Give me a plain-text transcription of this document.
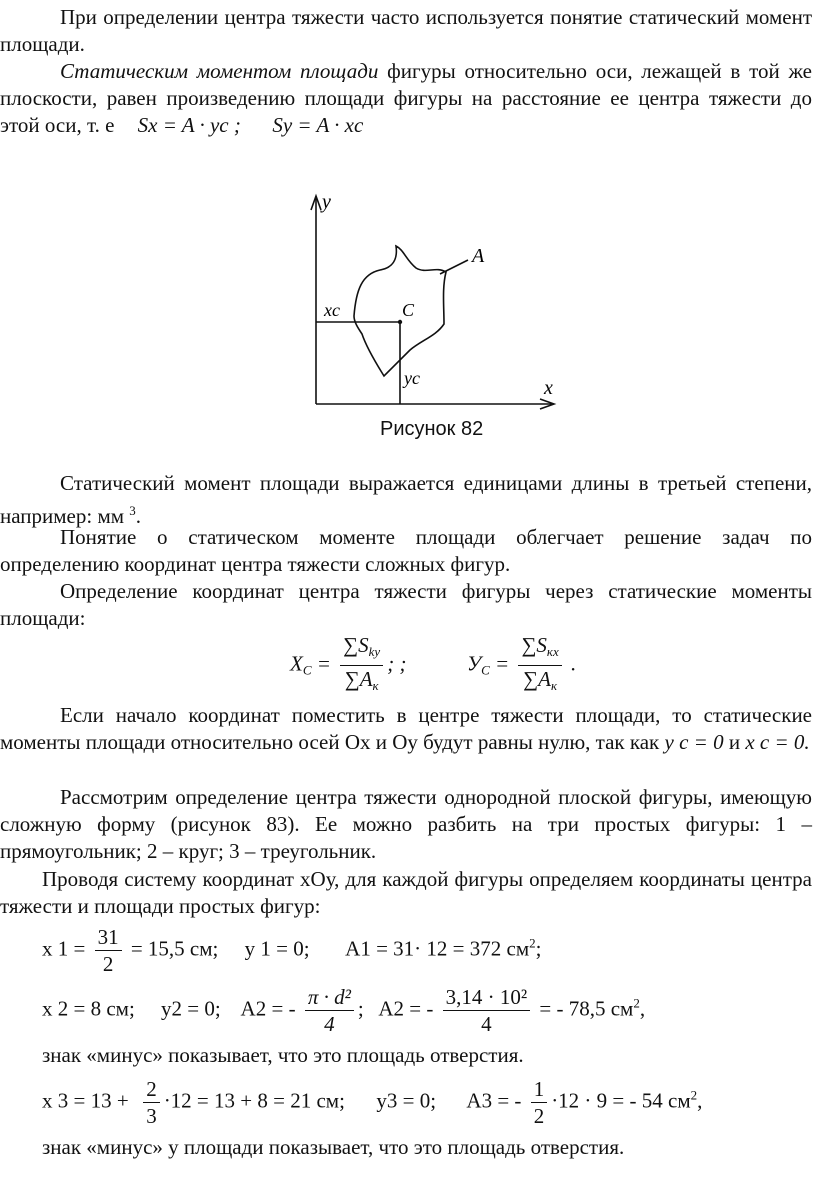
При определении центра тяжести часто используется понятие статический момент площади.

Статическим моментом площади фигуры относительно оси, лежащей в той же плоскости, равен произведению площади фигуры на расстояние ее центра тяжести до этой оси, т. е Sx = A · yc ;      Sy = A · xc

y
x
A
C
xc
yc
Рисунок 82

Статический момент площади выражается единицами длины в третьей степени, например: мм $^3$.

Понятие о статическом моменте площади облегчает решение задач по определению координат центра тяжести сложных фигур.

Определение координат центра тяжести фигуры через статические моменты площади:

$X_C = \frac{\sum S_{ky}}{\sum A_к}$ ; ;	$У_C = \frac{\sum S_{кх}}{\sum A_к}$ .

Если начало координат поместить в центре тяжести площади, то статические моменты площади относительно осей Ох и Оу будут равны нулю, так как y c = 0 и x c = 0.

Рассмотрим определение центра тяжести однородной плоской фигуры, имеющую сложную форму (рисунок 83). Ее можно разбить на три простых фигуры: 1 – прямоугольник; 2 – круг; 3 – треугольник.

Проводя систему координат хОу, для каждой фигуры определяем координаты центра тяжести и площади простых фигур:

x $1 = \frac{31}{2} = 15,5$ см;     y 1 = 0;       A1 = 31· 12 = 372 $см^2$;
x 2 = 8 см;     y2 = 0;    A2 = - $\frac{\text{π · d²}}{4}$ ;   A2 = - $\frac{\text{3,14 · 10²}}{4}$ = - 78,5 $см^2$,
знак «минус» показывает, что это площадь отверстия.
x $3 = 13 + \frac{2}{3} \cdot 12 = 13 + 8 = 21$ см;      y3 = 0;      A3 = - $\frac{1}{2} \cdot 12 \cdot 9$ = - 54 $см^2$,
знак «минус» у площади показывает, что это площадь отверстия.
